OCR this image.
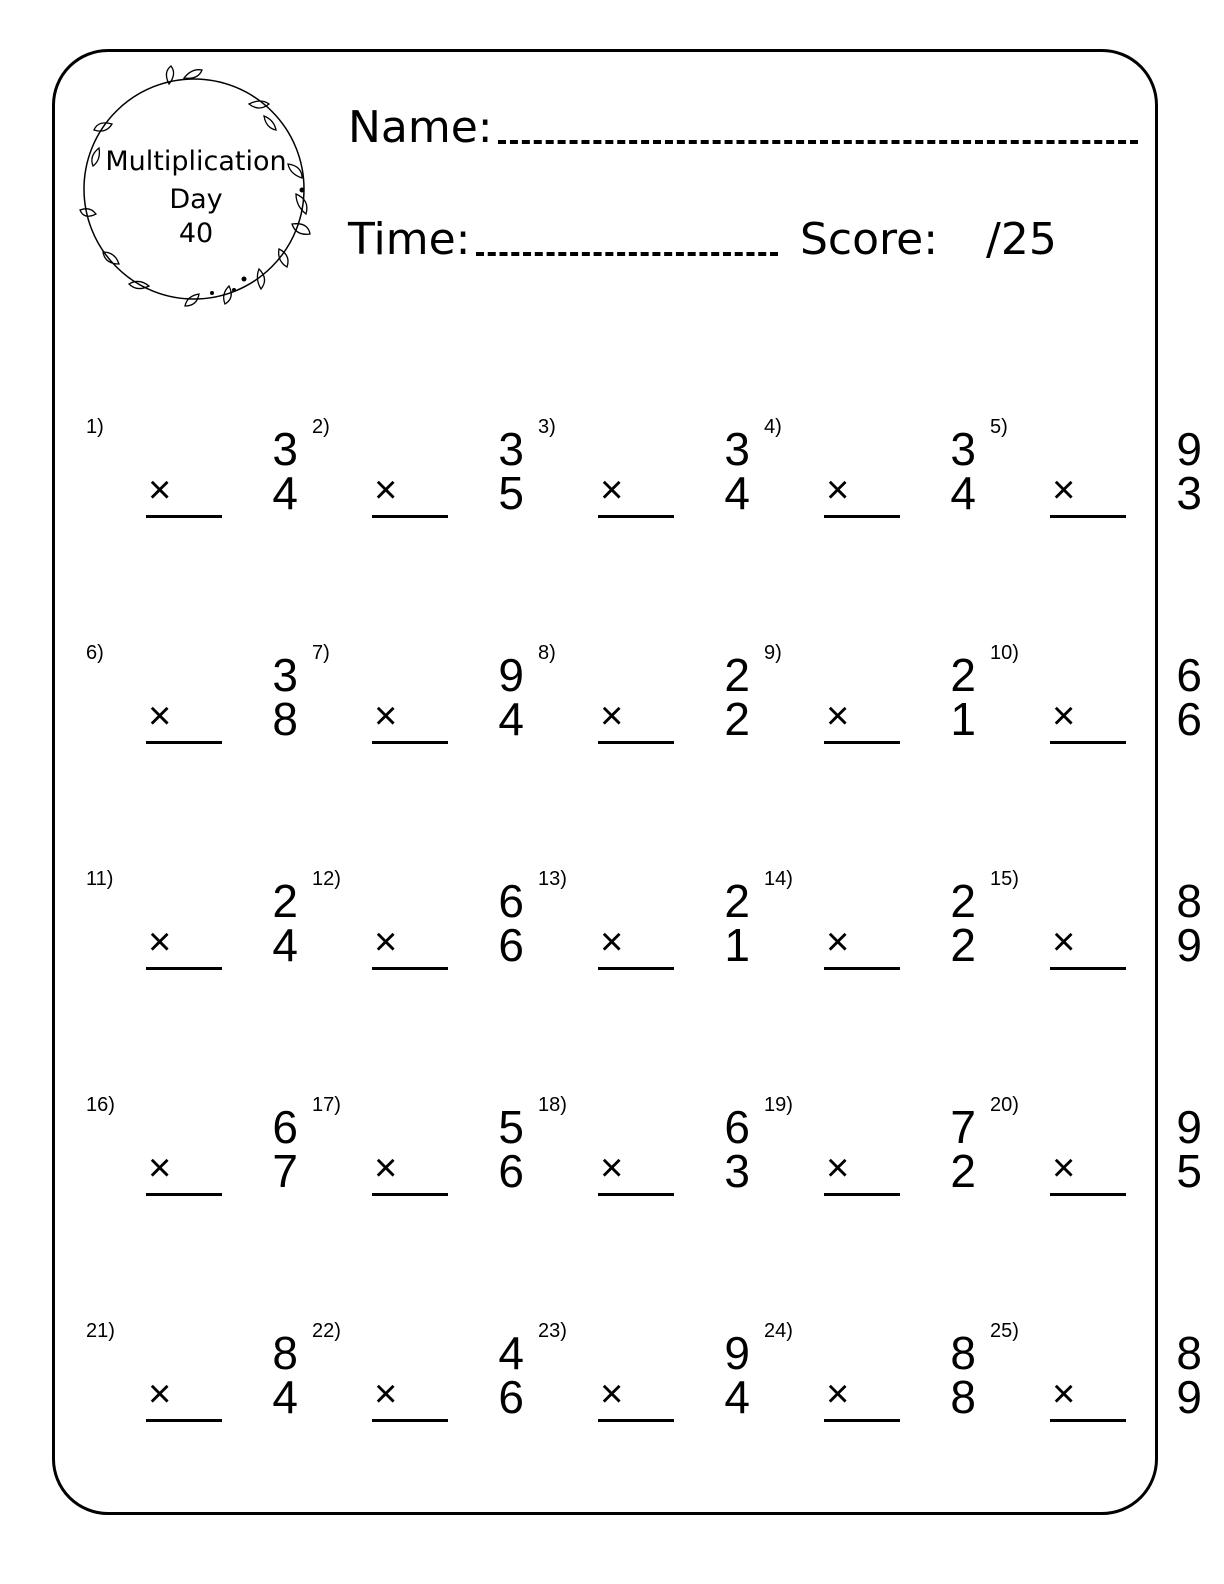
Multiplication
Day
40
Name:
Time:	Score: /25
1)	3
×	4
2)	3
×	5
3)	3
×	4
4)	3
×	4
5)	9
×	3
6)	3
×	8
7)	9
×	4
8)	2
×	2
9)	2
×	1
10)	6
×	6
11)	2
×	4
12)	6
×	6
13)	2
×	1
14)	2
×	2
15)	8
×	9
16)	6
×	7
17)	5
×	6
18)	6
×	3
19)	7
×	2
20)	9
×	5
21)	8
×	4
22)	4
×	6
23)	9
×	4
24)	8
×	8
25)	8
×	9
